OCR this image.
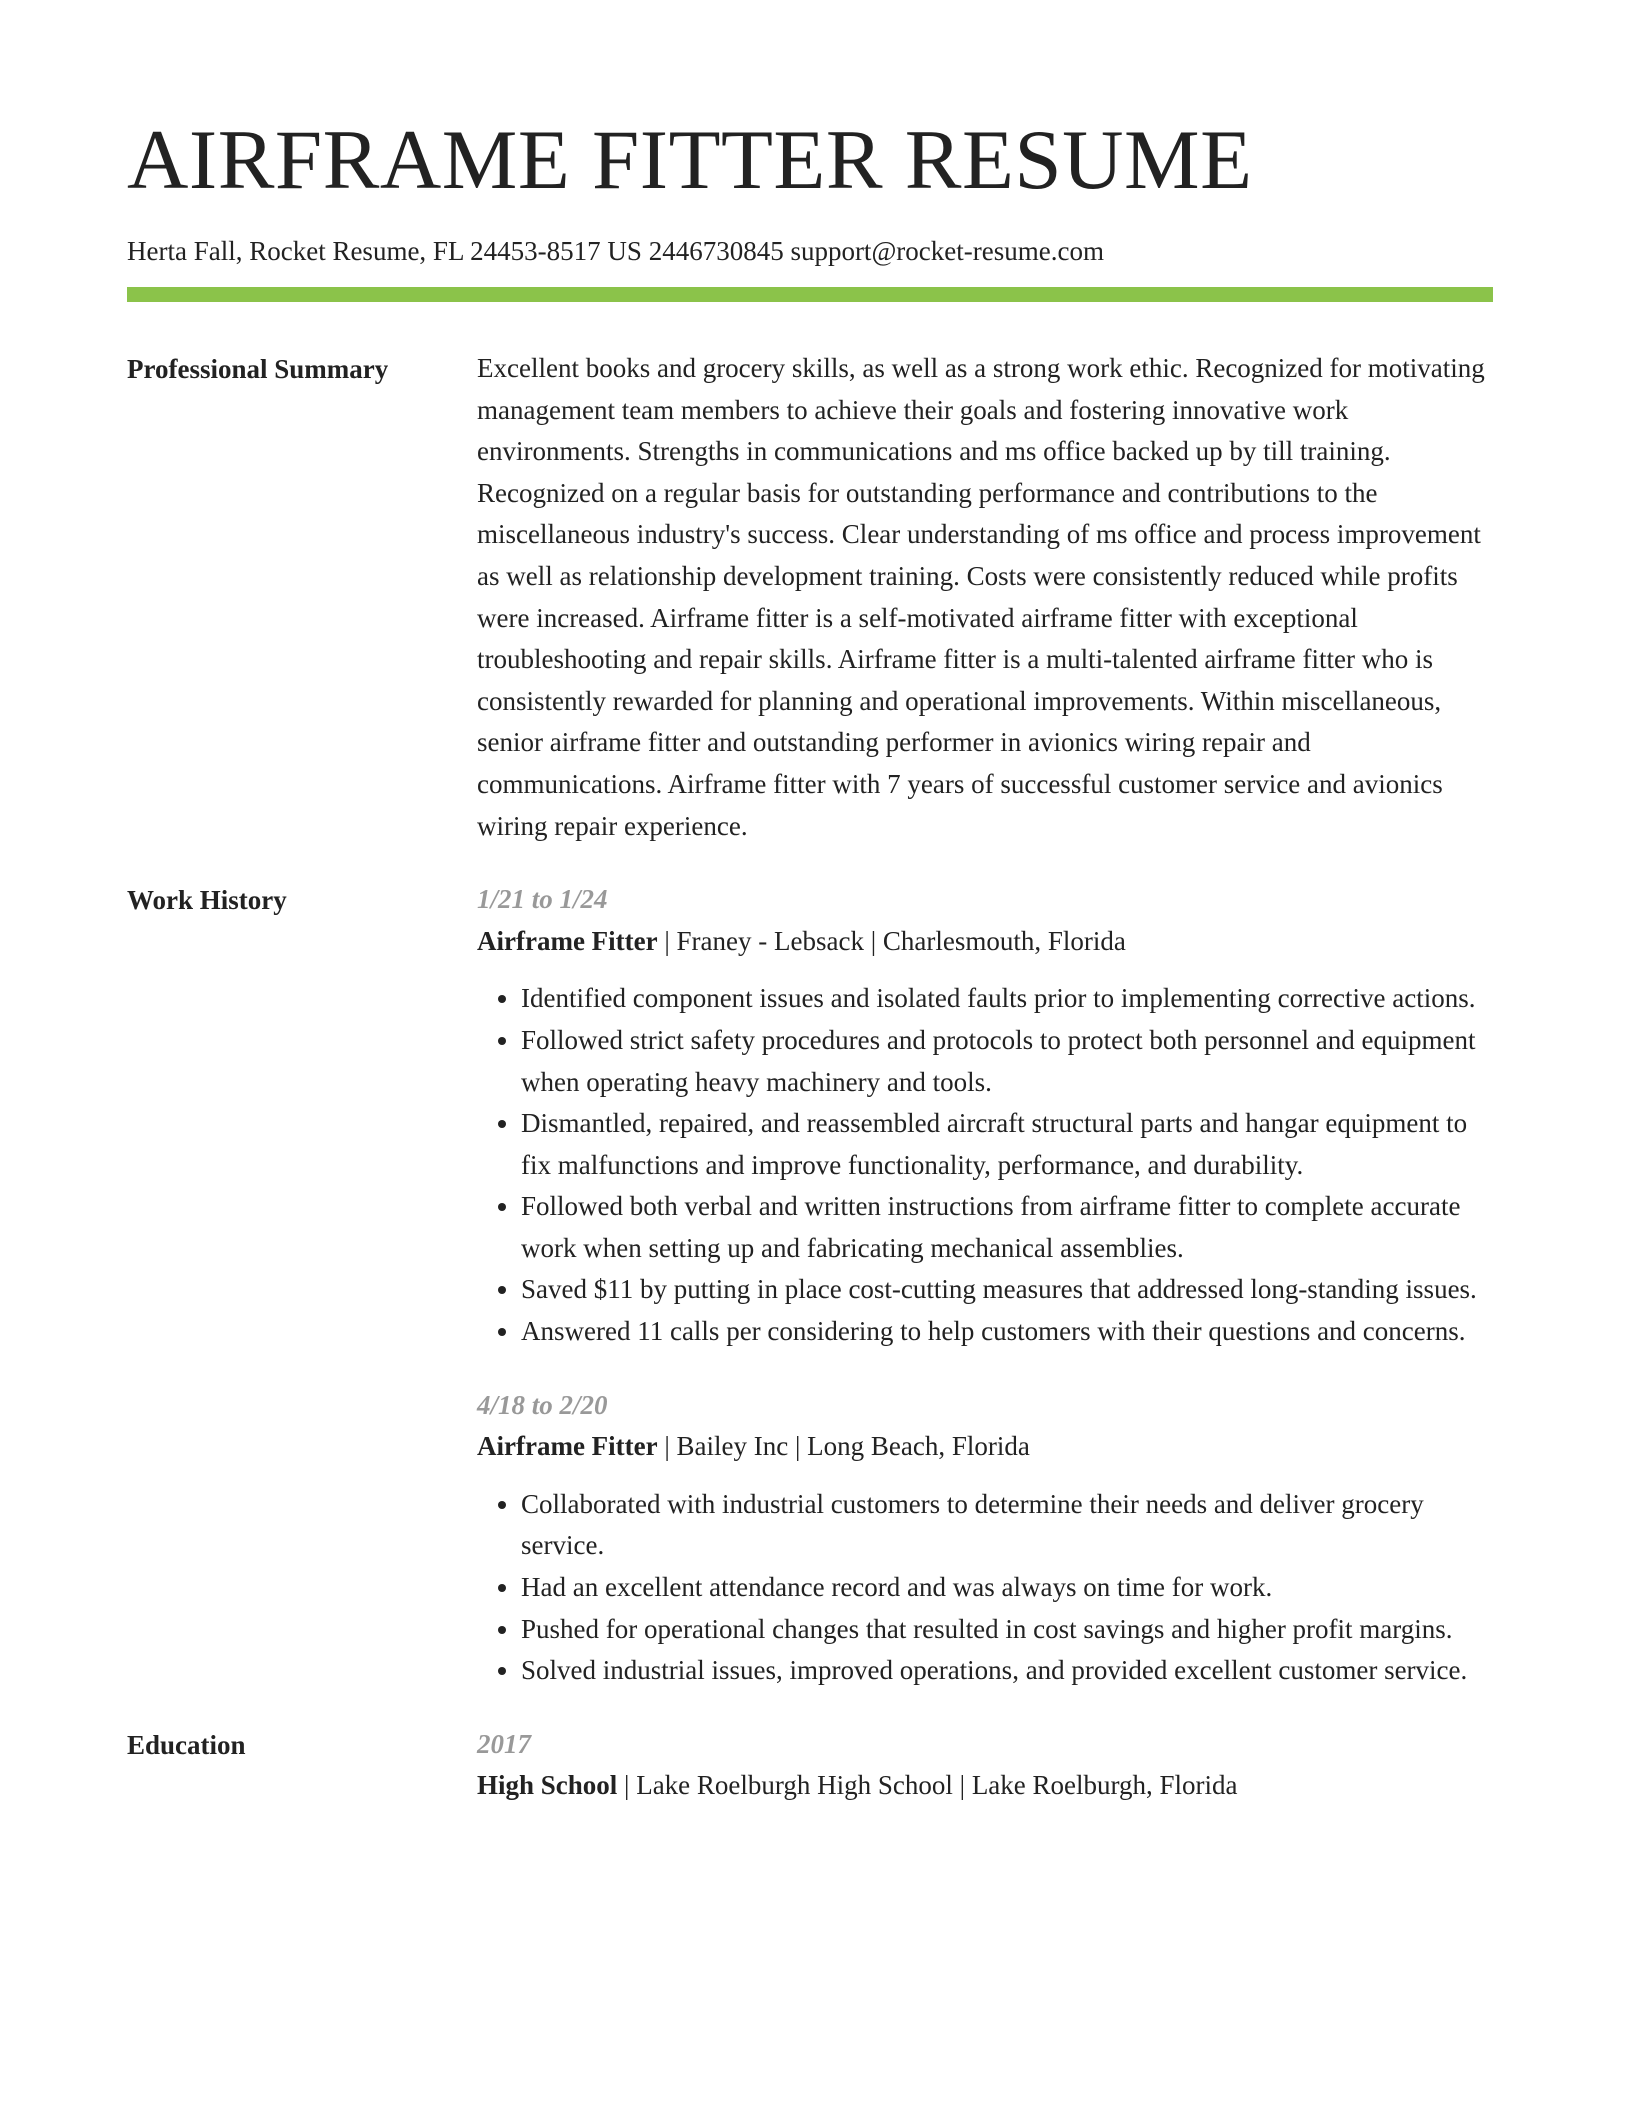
AIRFRAME FITTER RESUME
Herta Fall, Rocket Resume, FL 24453-8517 US 2446730845 support@rocket-resume.com
Professional Summary	Excellent books and grocery skills, as well as a strong work ethic. Recognized for motivating management team members to achieve their goals and fostering innovative work environments. Strengths in communications and ms office backed up by till training. Recognized on a regular basis for outstanding performance and contributions to the miscellaneous industry's success. Clear understanding of ms office and process improvement as well as relationship development training. Costs were consistently reduced while profits were increased. Airframe fitter is a self-motivated airframe fitter with exceptional troubleshooting and repair skills. Airframe fitter is a multi-talented airframe fitter who is consistently rewarded for planning and operational improvements. Within miscellaneous, senior airframe fitter and outstanding performer in avionics wiring repair and communications. Airframe fitter with 7 years of successful customer service and avionics wiring repair experience.

Work History	1/21 to 1/24
Airframe Fitter | Franey - Lebsack | Charlesmouth, Florida
• Identified component issues and isolated faults prior to implementing corrective actions.
• Followed strict safety procedures and protocols to protect both personnel and equipment when operating heavy machinery and tools.
• Dismantled, repaired, and reassembled aircraft structural parts and hangar equipment to fix malfunctions and improve functionality, performance, and durability.
• Followed both verbal and written instructions from airframe fitter to complete accurate work when setting up and fabricating mechanical assemblies.
• Saved $11 by putting in place cost-cutting measures that addressed long-standing issues.
• Answered 11 calls per considering to help customers with their questions and concerns.
4/18 to 2/20
Airframe Fitter | Bailey Inc | Long Beach, Florida
• Collaborated with industrial customers to determine their needs and deliver grocery service.
• Had an excellent attendance record and was always on time for work.
• Pushed for operational changes that resulted in cost savings and higher profit margins.
• Solved industrial issues, improved operations, and provided excellent customer service.
Education	2017
High School | Lake Roelburgh High School | Lake Roelburgh, Florida
